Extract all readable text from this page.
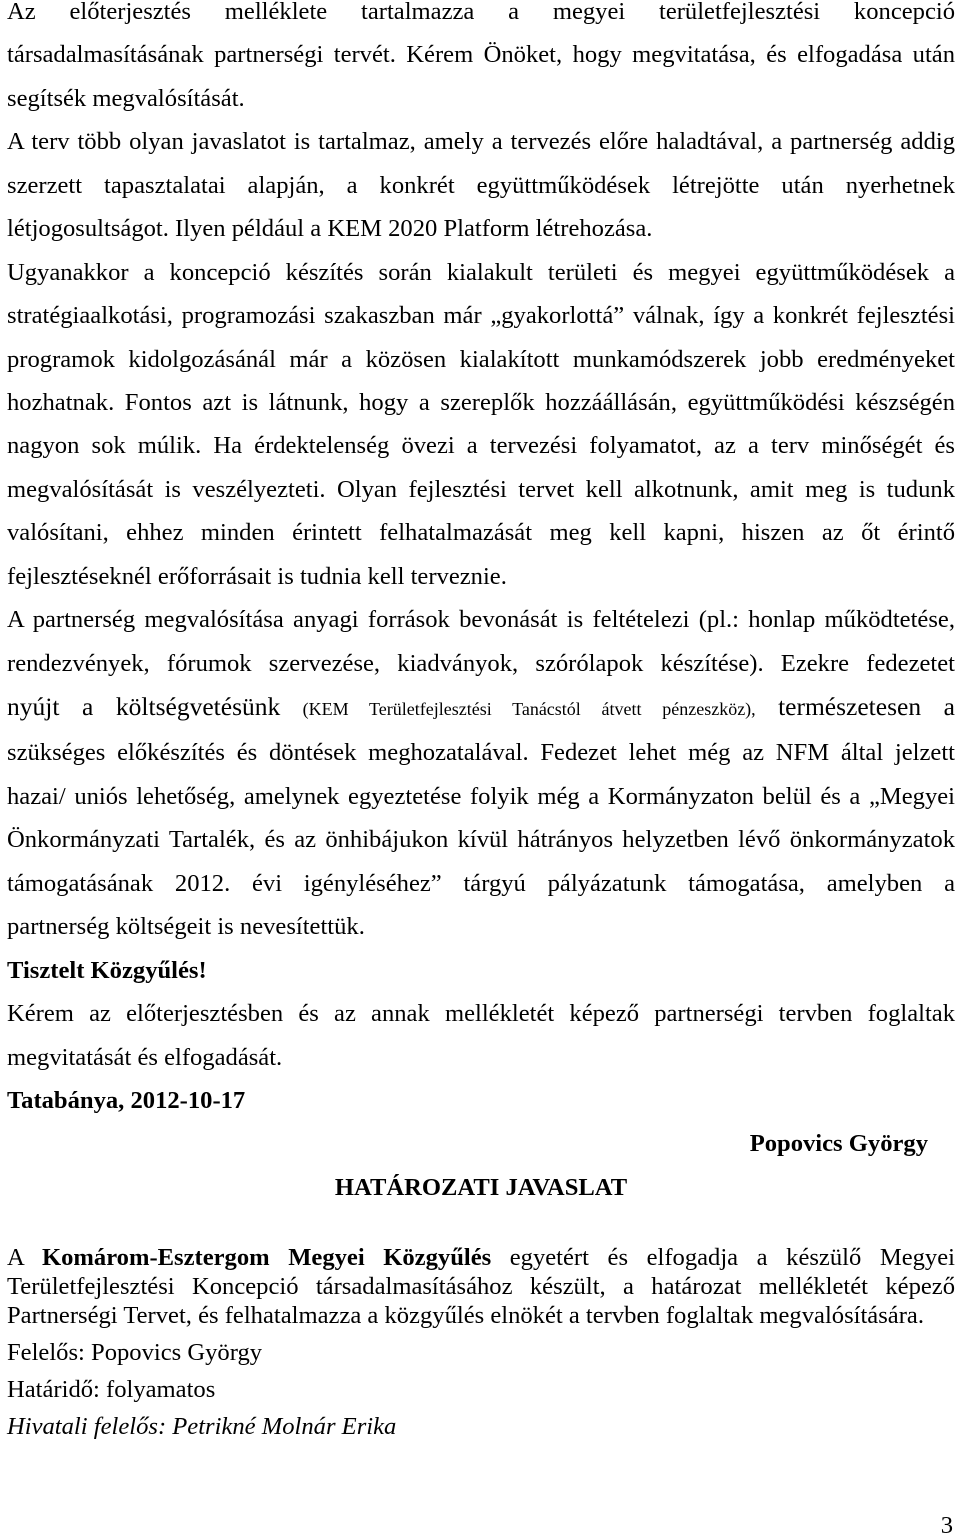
Az előterjesztés melléklete tartalmazza a megyei területfejlesztési koncepció
társadalmasításának partnerségi tervét. Kérem Önöket, hogy megvitatása, és elfogadása után
segítsék megvalósítását.
A terv több olyan javaslatot is tartalmaz, amely a tervezés előre haladtával, a partnerség addig
szerzett tapasztalatai alapján, a konkrét együttműködések létrejötte után nyerhetnek
létjogosultságot. Ilyen például a KEM 2020 Platform létrehozása.
Ugyanakkor a koncepció készítés során kialakult területi és megyei együttműködések a
stratégiaalkotási, programozási szakaszban már „gyakorlottá” válnak, így a konkrét fejlesztési
programok kidolgozásánál már a közösen kialakított munkamódszerek jobb eredményeket
hozhatnak. Fontos azt is látnunk, hogy a szereplők hozzáállásán, együttműködési készségén
nagyon sok múlik. Ha érdektelenség övezi a tervezési folyamatot, az a terv minőségét és
megvalósítását is veszélyezteti. Olyan fejlesztési tervet kell alkotnunk, amit meg is tudunk
valósítani, ehhez minden érintett felhatalmazását meg kell kapni, hiszen az őt érintő
fejlesztéseknél erőforrásait is tudnia kell terveznie.
A partnerség megvalósítása anyagi források bevonását is feltételezi (pl.: honlap működtetése,
rendezvények, fórumok szervezése, kiadványok, szórólapok készítése). Ezekre fedezetet
nyújt a költségvetésünk (KEM Területfejlesztési Tanácstól átvett pénzeszköz), természetesen a
szükséges előkészítés és döntések meghozatalával. Fedezet lehet még az NFM által jelzett
hazai/ uniós lehetőség, amelynek egyeztetése folyik még a Kormányzaton belül és a „Megyei
Önkormányzati Tartalék, és az önhibájukon kívül hátrányos helyzetben lévő önkormányzatok
támogatásának 2012. évi igényléséhez” tárgyú pályázatunk támogatása, amelyben a
partnerség költségeit is nevesítettük.
Tisztelt Közgyűlés!
Kérem az előterjesztésben és az annak mellékletét képező partnerségi tervben foglaltak
megvitatását és elfogadását.
Tatabánya, 2012-10-17
Popovics György
HATÁROZATI JAVASLAT
A Komárom-Esztergom Megyei Közgyűlés egyetért és elfogadja a készülő Megyei
Területfejlesztési Koncepció társadalmasításához készült, a határozat mellékletét képező
Partnerségi Tervet, és felhatalmazza a közgyűlés elnökét a tervben foglaltak megvalósítására.
Felelős: Popovics György
Határidő: folyamatos
Hivatali felelős: Petrikné Molnár Erika
3
